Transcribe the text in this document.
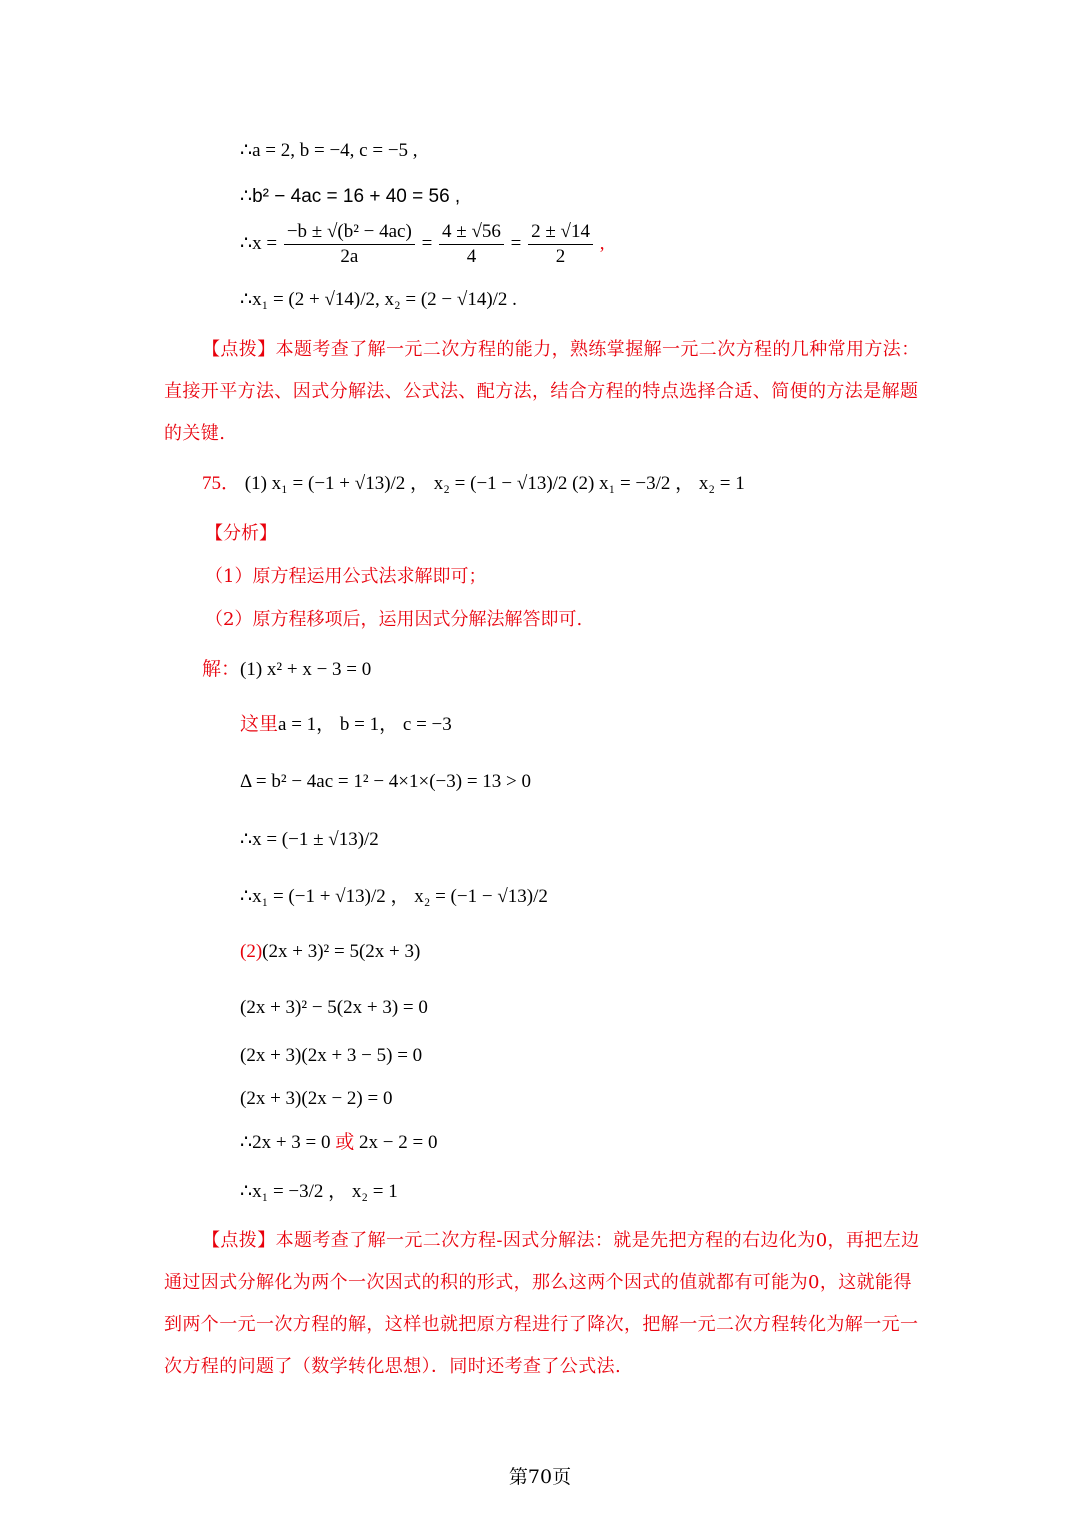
∴a = 2, b = −4, c = −5 ,
∴b² − 4ac = 16 + 40 = 56 ,
∴x = $\frac{\text{−b ± √(b² − 4ac)}}{2a} = \frac{4 \pm √56}{4} = \frac{2 \pm √14}{2}$ ,
∴x₁ = (2 + √14)/2, x₂ = (2 − √14)/2 .
【点拨】本题考查了解一元二次方程的能力，熟练掌握解一元二次方程的几种常用方法：直接开平方法、因式分解法、公式法、配方法，结合方程的特点选择合适、简便的方法是解题的关键.
75． (1) x₁ = (−1 + √13)/2 ， x₂ = (−1 − √13)/2 (2) x₁ = −3/2 ， x₂ = 1
【分析】
（1）原方程运用公式法求解即可；
（2）原方程移项后，运用因式分解法解答即可.
解：(1) x² + x − 3 = 0
这里a = 1， b = 1， c = −3
Δ = b² − 4ac = 1² − 4×1×(−3) = 13 > 0
∴x = (−1 ± √13)/2
∴x₁ = (−1 + √13)/2 ， x₂ = (−1 − √13)/2
(2)(2x + 3)² = 5(2x + 3)
(2x + 3)² − 5(2x + 3) = 0
(2x + 3)(2x + 3 − 5) = 0
(2x + 3)(2x − 2) = 0
∴2x + 3 = 0 或 2x − 2 = 0
∴x₁ = −3/2 ， x₂ = 1
【点拨】本题考查了解一元二次方程-因式分解法：就是先把方程的右边化为0，再把左边通过因式分解化为两个一次因式的积的形式，那么这两个因式的值就都有可能为0，这就能得到两个一元一次方程的解，这样也就把原方程进行了降次，把解一元二次方程转化为解一元一次方程的问题了（数学转化思想）．同时还考查了公式法.
第70页
